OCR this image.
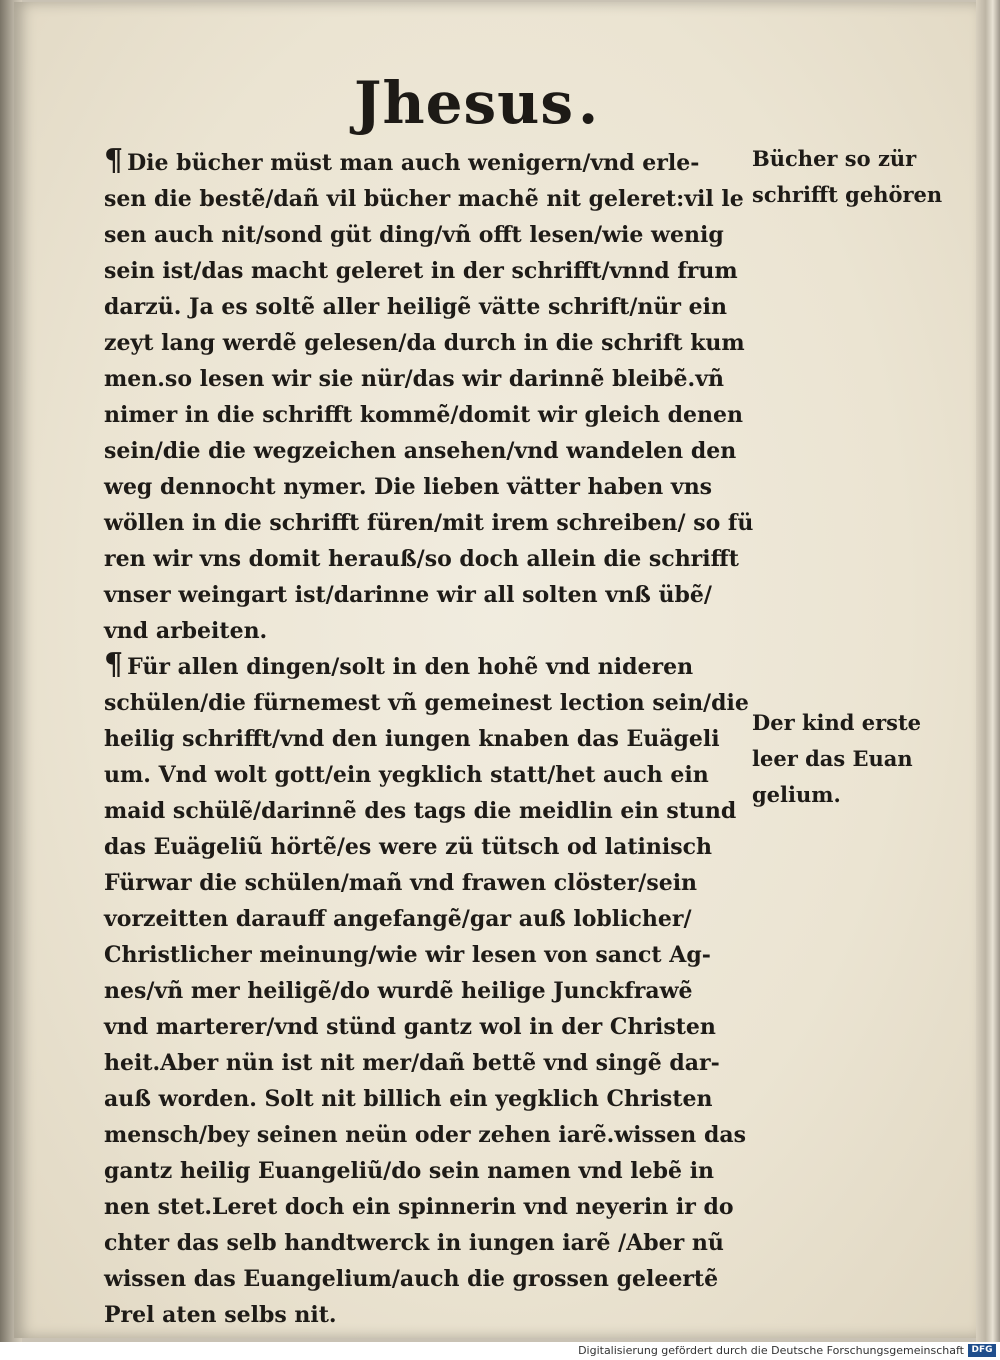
Jhesus.
¶ Die bücher müst man auch wenigern/vnd erle-
sen die bestẽ/dañ vil bücher machẽ nit geleret:vil le
sen auch nit/sond güt ding/vñ offt lesen/wie wenig
sein ist/das macht geleret in der schrifft/vnnd frum
darzü. Ja es soltẽ aller heiligẽ vätte schrift/nür ein
zeyt lang werdẽ gelesen/da durch in die schrift kum
men.so lesen wir sie nür/das wir darinnẽ bleibẽ.vñ
nimer in die schrifft kommẽ/domit wir gleich denen
sein/die die wegzeichen ansehen/vnd wandelen den
weg dennocht nymer. Die lieben vätter haben vns
wöllen in die schrifft füren/mit irem schreiben/ so fü
ren wir vns domit herauß/so doch allein die schrifft
vnser weingart ist/darinne wir all solten vnß übẽ/
vnd arbeiten.
¶ Für allen dingen/solt in den hohẽ vnd nideren
schülen/die fürnemest vñ gemeinest lection sein/die
heilig schrifft/vnd den iungen knaben das Euägeli
um. Vnd wolt gott/ein yegklich statt/het auch ein
maid schülẽ/darinnẽ des tags die meidlin ein stund
das Euägeliũ hörtẽ/es were zü tütsch od latinisch
Fürwar die schülen/mañ vnd frawen clöster/sein
vorzeitten darauff angefangẽ/gar auß loblicher/
Christlicher meinung/wie wir lesen von sanct Ag-
nes/vñ mer heiligẽ/do wurdẽ heilige Junckfrawẽ
vnd marterer/vnd stünd gantz wol in der Christen
heit.Aber nün ist nit mer/dañ bettẽ vnd singẽ dar-
auß worden. Solt nit billich ein yegklich Christen
mensch/bey seinen neün oder zehen iarẽ.wissen das
gantz heilig Euangeliũ/do sein namen vnd lebẽ in
nen stet.Leret doch ein spinnerin vnd neyerin ir do
chter das selb handtwerck in iungen iarẽ /Aber nũ
wissen das Euangelium/auch die grossen geleertẽ
Prel aten selbs nit.
Bücher so zür
schrifft gehören
Der kind erste
leer das Euan
gelium.
Digitalisierung gefördert durch die Deutsche Forschungsgemeinschaft DFG
